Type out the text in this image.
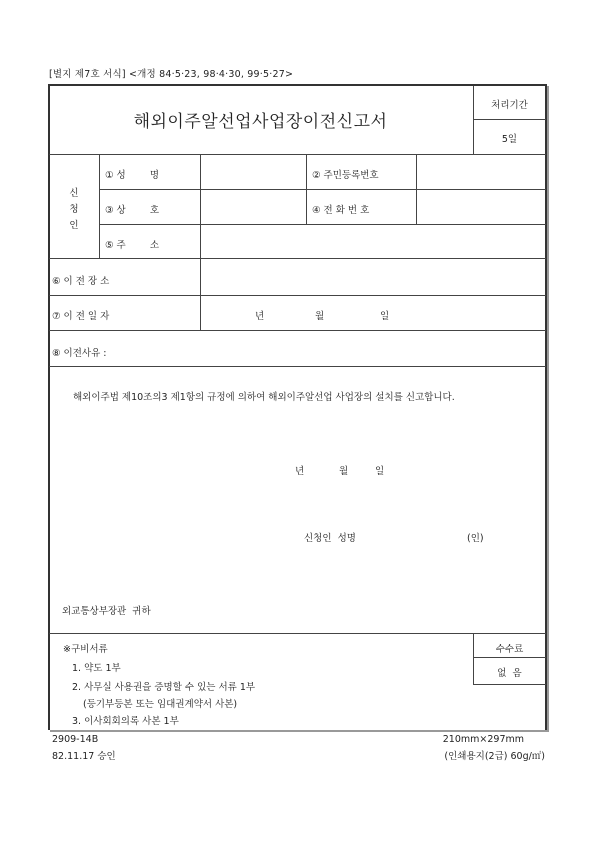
[별지 제7호 서식] <개정 84·5·23, 98·4·30, 99·5·27>
해외이주알선업사업장이전신고서
처리기간
5일
신
청
인
① 성        명	② 주민등록번호
③ 상        호	④ 전 화 번 호
⑤ 주        소
⑥ 이 전 장 소
⑦ 이 전 일 자	년	월	일
⑧ 이전사유 :
해외이주법 제10조의3 제1항의 규정에 의하여 해외이주알선업 사업장의 설치를 신고합니다.
년	월	일
신청인  성명	(인)
외교통상부장관  귀하
※구비서류
1. 약도 1부
2. 사무실 사용권을 증명할 수 있는 서류 1부
(등기부등본 또는 임대권계약서 사본)
3. 이사회회의록 사본 1부
수수료
없  음
2909-14B
82.11.17 승인
210mm×297mm
(인쇄용지(2급) 60g/㎡)
